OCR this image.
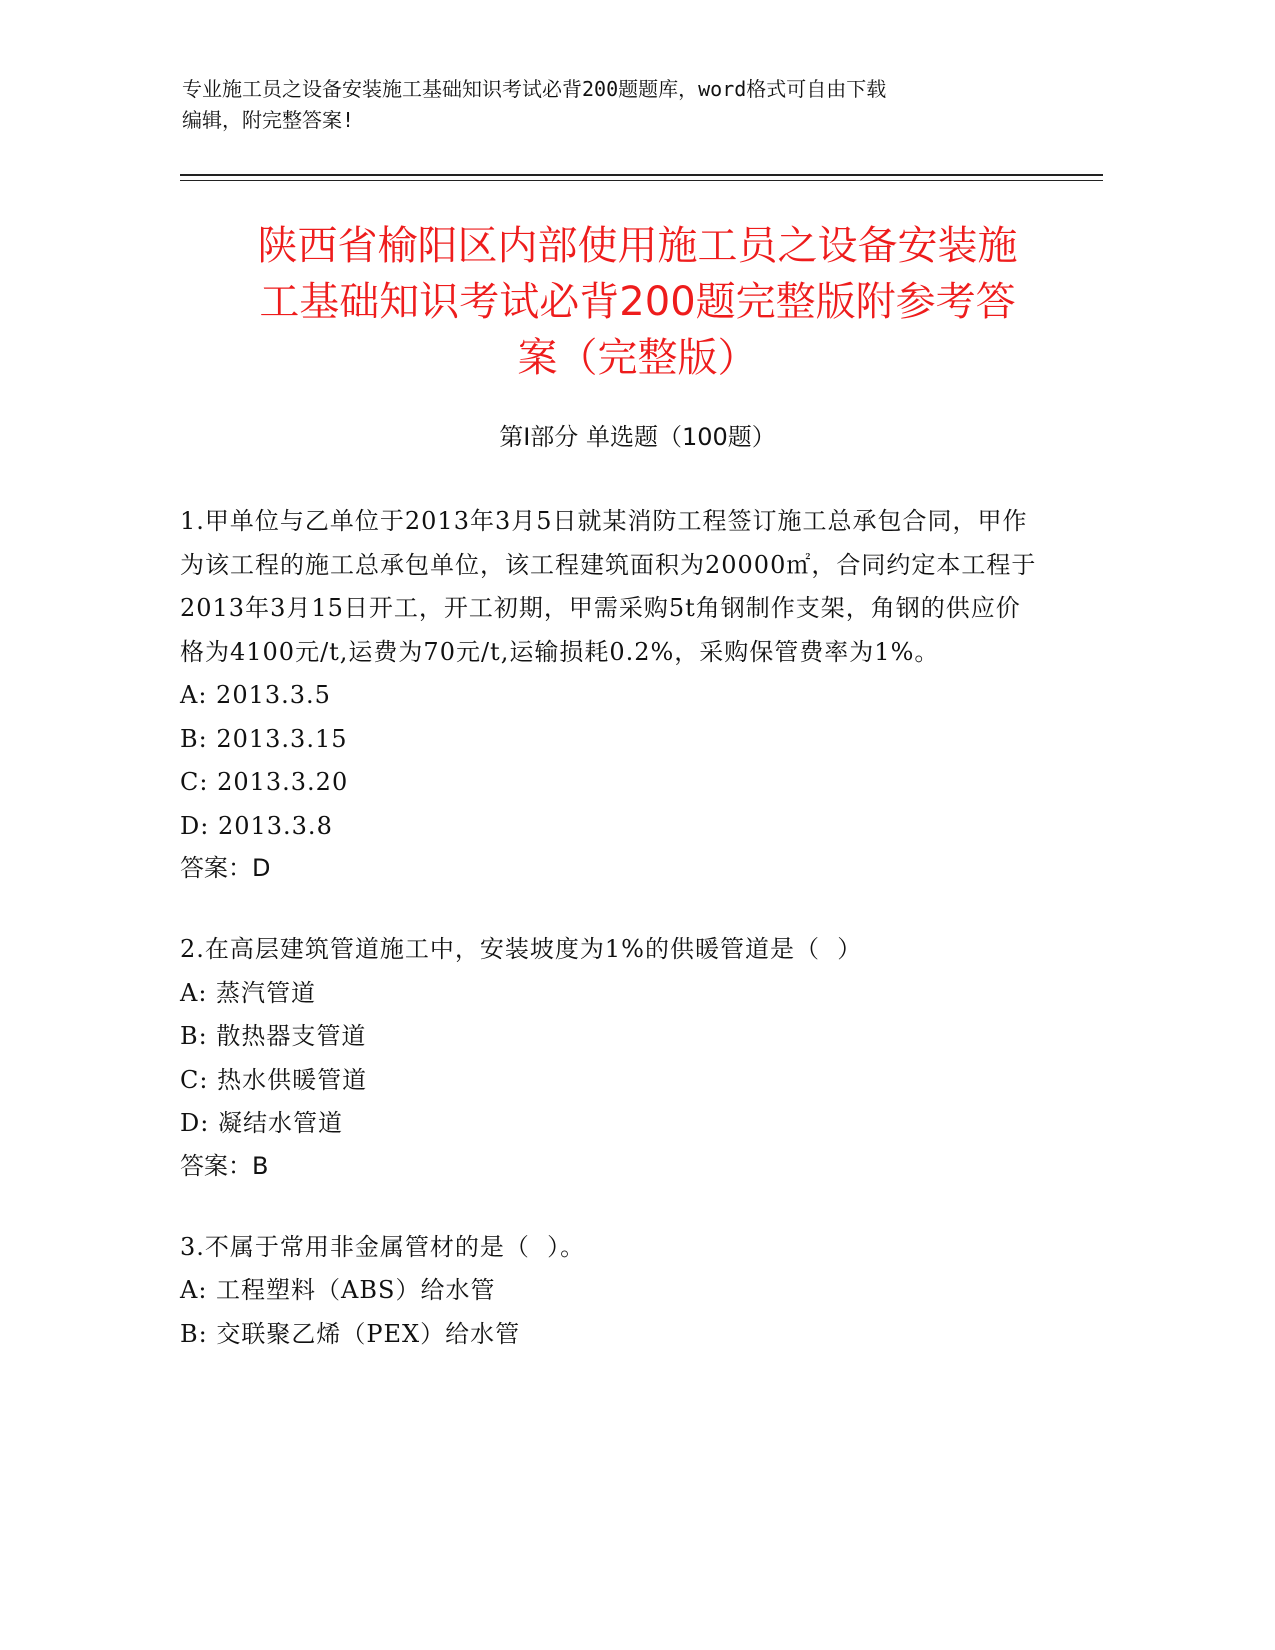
专业施工员之设备安装施工基础知识考试必背200题题库，word格式可自由下载
编辑，附完整答案!
陕西省榆阳区内部使用施工员之设备安装施
工基础知识考试必背200题完整版附参考答
案（完整版）
第I部分 单选题（100题）

1.甲单位与乙单位于2013年3月5日就某消防工程签订施工总承包合同，甲作为该工程的施工总承包单位，该工程建筑面积为20000㎡，合同约定本工程于2013年3月15日开工，开工初期，甲需采购5t角钢制作支架，角钢的供应价格为4100元/t,运费为70元/t,运输损耗0.2%，采购保管费率为1%。

A: 2013.3.5

B: 2013.3.15

C: 2013.3.20

D: 2013.3.8

答案：D

2.在高层建筑管道施工中，安装坡度为1%的供暖管道是（  ）

A: 蒸汽管道

B: 散热器支管道

C: 热水供暖管道

D: 凝结水管道

答案：B

3.不属于常用非金属管材的是（  ）。

A: 工程塑料（ABS）给水管

B: 交联聚乙烯（PEX）给水管
